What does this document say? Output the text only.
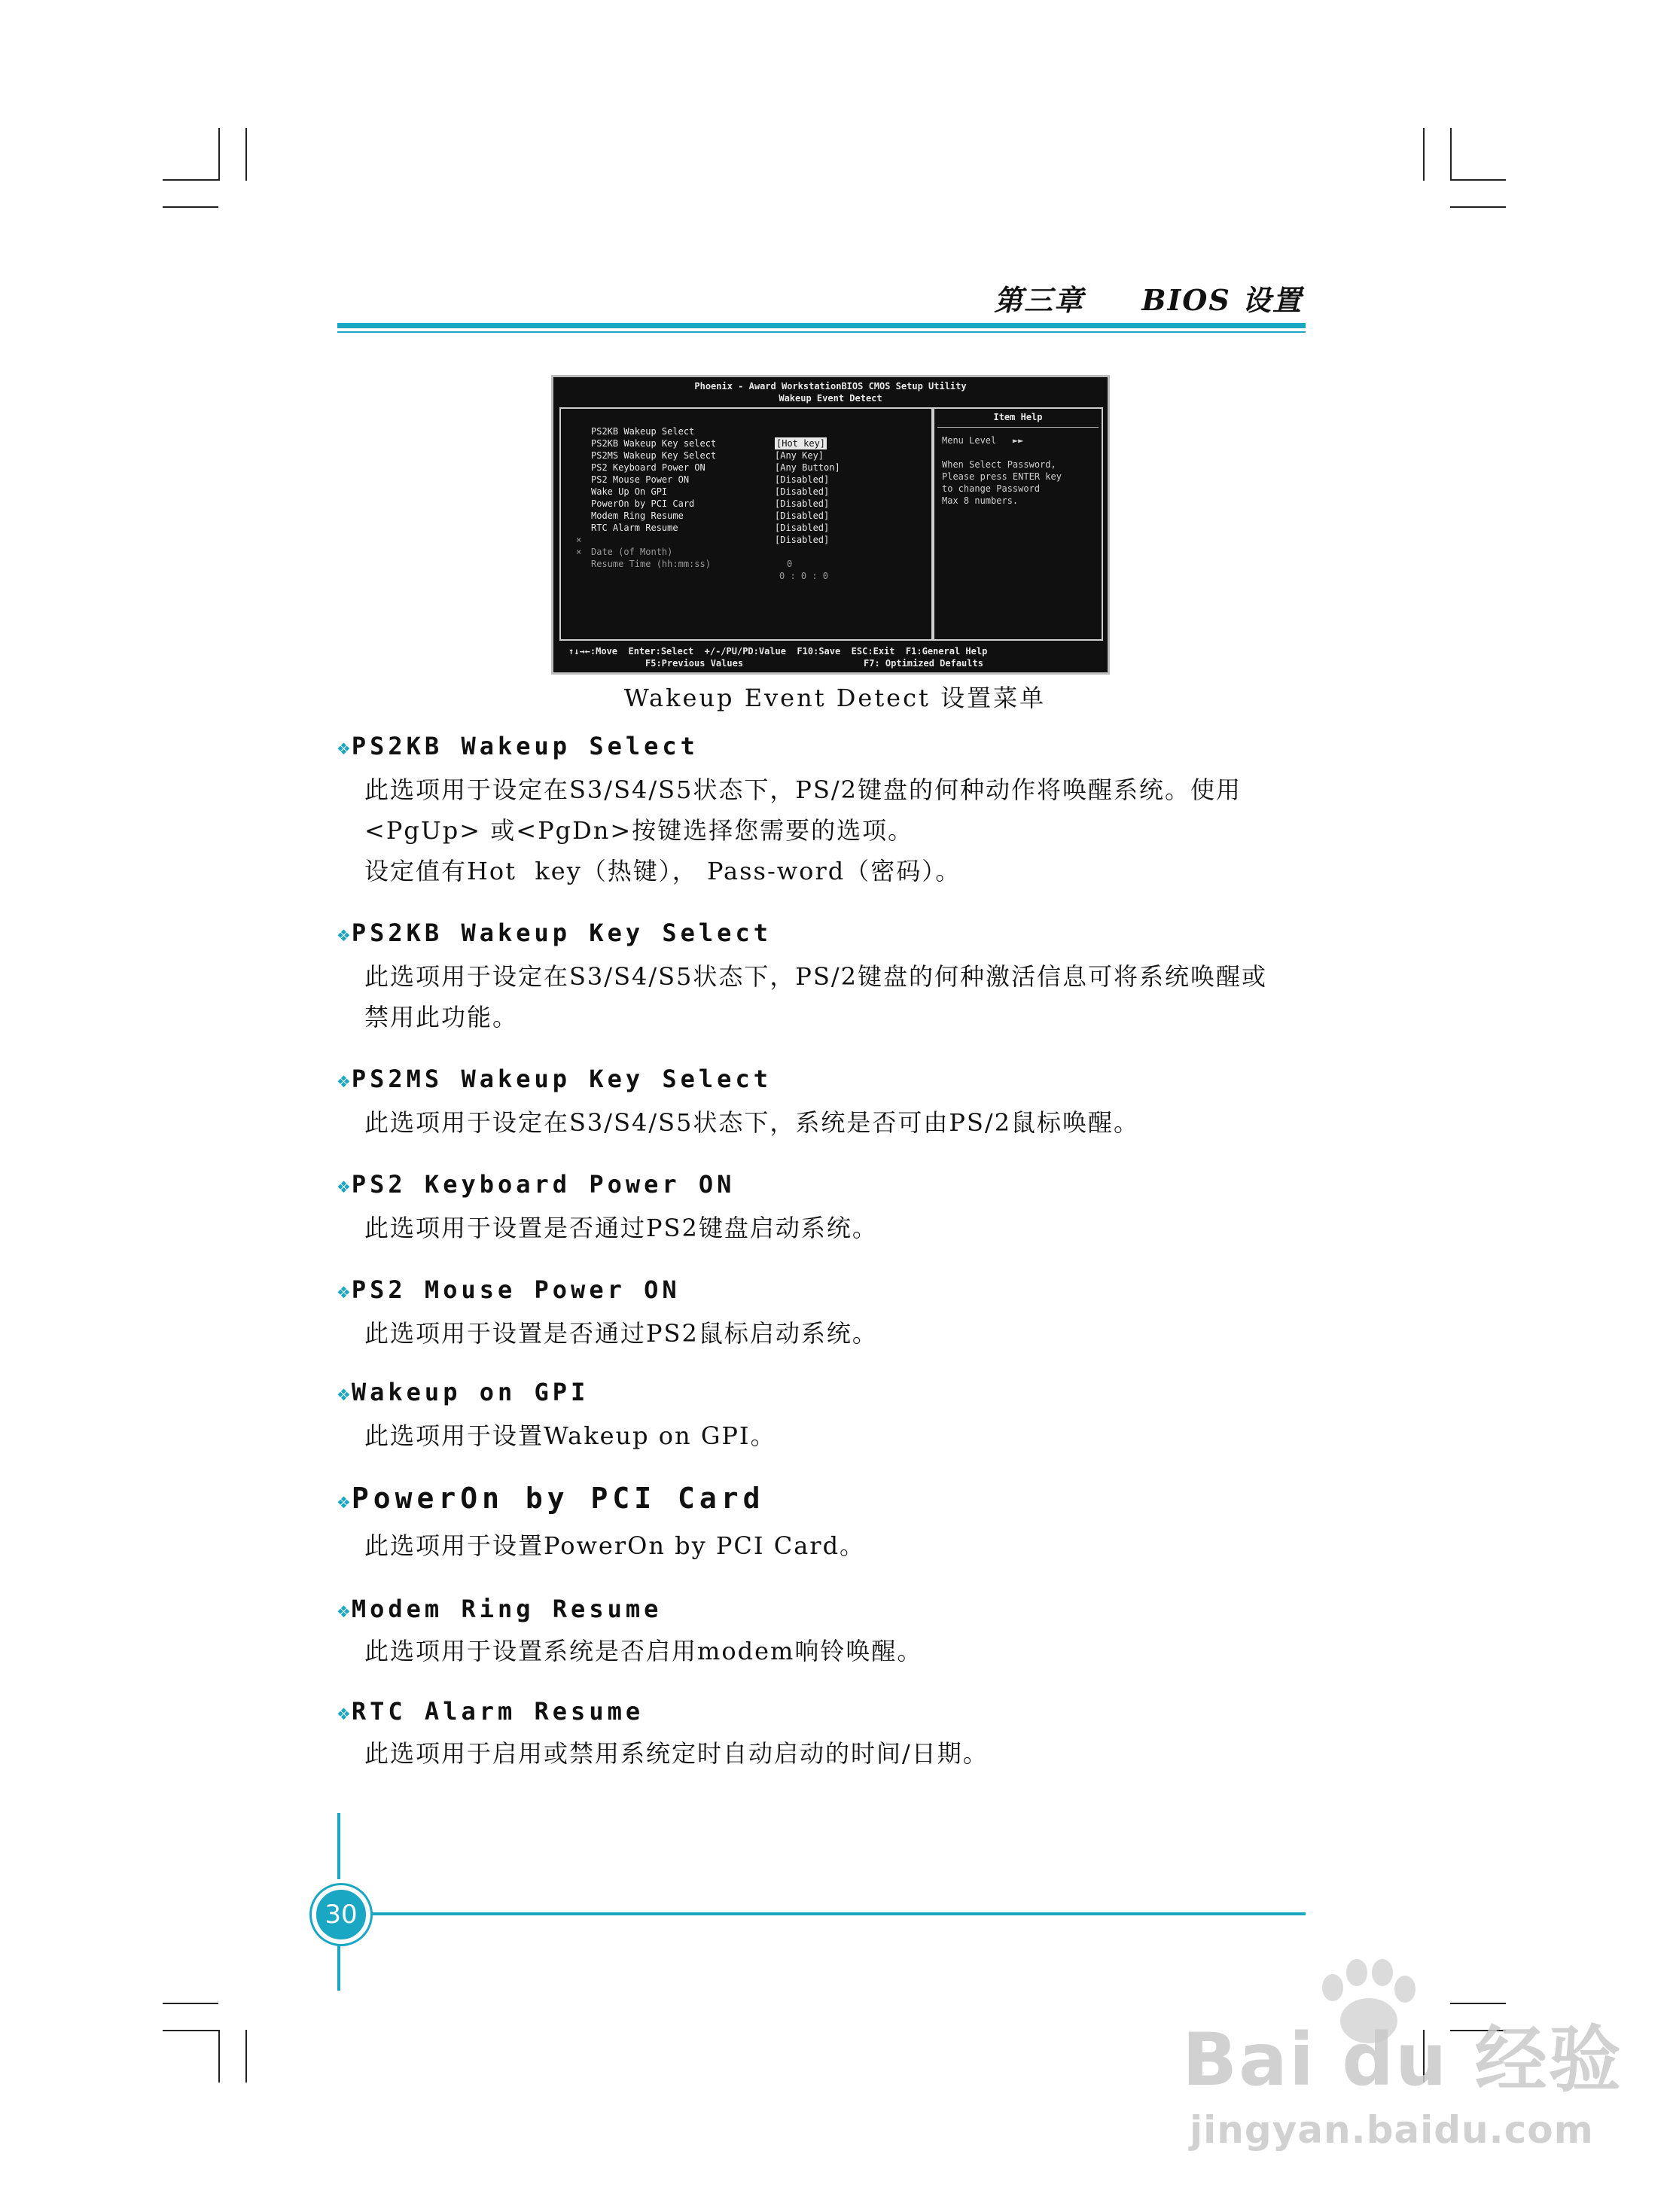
第三章     BIOS 设置
Phoenix - Award WorkstationBIOS CMOS Setup Utility
Wakeup Event Detect

PS2KB Wakeup Select

[Hot key]

PS2KB Wakeup Key select

[Any Key]

PS2MS Wakeup Key Select

[Any Button]

PS2 Keyboard Power ON

[Disabled]

PS2 Mouse Power ON

[Disabled]

Wake Up On GPI

[Disabled]

PowerOn by PCI Card

[Disabled]

Modem Ring Resume

[Disabled]

RTC Alarm Resume

[Disabled]

×

Date (of Month)

0

×

Resume Time (hh:mm:ss)

0 : 0 : 0

Item Help
Menu Level   ►►
When Select Password,
Please press ENTER key
to change Password
Max 8 numbers.

↑↓→←:Move  Enter:Select  +/-/PU/PD:Value  F10:Save  ESC:Exit  F1:General Help

F5:Previous Values

	F7: Optimized Defaults

Wakeup Event Detect 设置菜单
❖PS2KB Wakeup Select
此选项用于设定在S3/S4/S5状态下，PS/2键盘的何种动作将唤醒系统。使用
<PgUp> 或<PgDn>按键选择您需要的选项。
设定值有Hot  key（热键）， Pass-word（密码）。
❖PS2KB Wakeup Key Select
此选项用于设定在S3/S4/S5状态下，PS/2键盘的何种激活信息可将系统唤醒或
禁用此功能。
❖PS2MS Wakeup Key Select
此选项用于设定在S3/S4/S5状态下，系统是否可由PS/2鼠标唤醒。
❖PS2 Keyboard Power ON
此选项用于设置是否通过PS2键盘启动系统。
❖PS2 Mouse Power ON
此选项用于设置是否通过PS2鼠标启动系统。
❖Wakeup on GPI
此选项用于设置Wakeup on GPI。
❖PowerOn by PCI Card
此选项用于设置PowerOn by PCI Card。
❖Modem Ring Resume
此选项用于设置系统是否启用modem响铃唤醒。
❖RTC Alarm Resume
此选项用于启用或禁用系统定时自动启动的时间/日期。
30
Bai du 经验
jingyan.baidu.com
